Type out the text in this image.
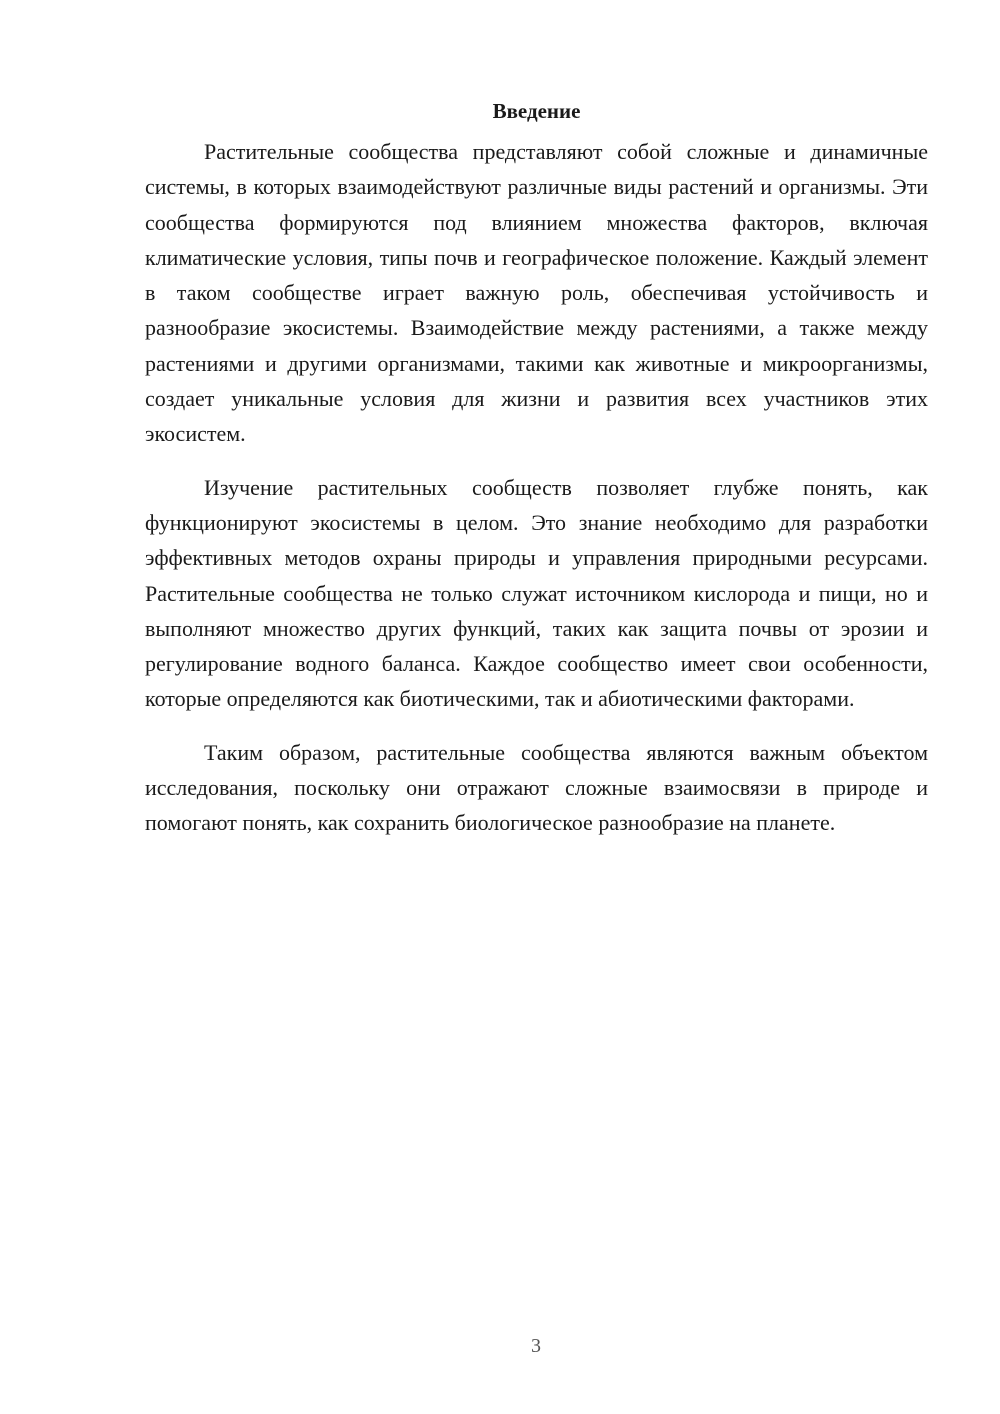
Введение

Растительные сообщества представляют собой сложные и динамичные системы, в которых взаимодействуют различные виды растений и организмы. Эти сообщества формируются под влиянием множества факторов, включая климатические условия, типы почв и географическое положение. Каждый элемент в таком сообществе играет важную роль, обеспечивая устойчивость и разнообразие экосистемы. Взаимодействие между растениями, а также между растениями и другими организмами, такими как животные и микроорганизмы, создает уникальные условия для жизни и развития всех участников этих экосистем.

Изучение растительных сообществ позволяет глубже понять, как функционируют экосистемы в целом. Это знание необходимо для разработки эффективных методов охраны природы и управления природными ресурсами. Растительные сообщества не только служат источником кислорода и пищи, но и выполняют множество других функций, таких как защита почвы от эрозии и регулирование водного баланса. Каждое сообщество имеет свои особенности, которые определяются как биотическими, так и абиотическими факторами.

Таким образом, растительные сообщества являются важным объектом исследования, поскольку они отражают сложные взаимосвязи в природе и помогают понять, как сохранить биологическое разнообразие на планете.

3
